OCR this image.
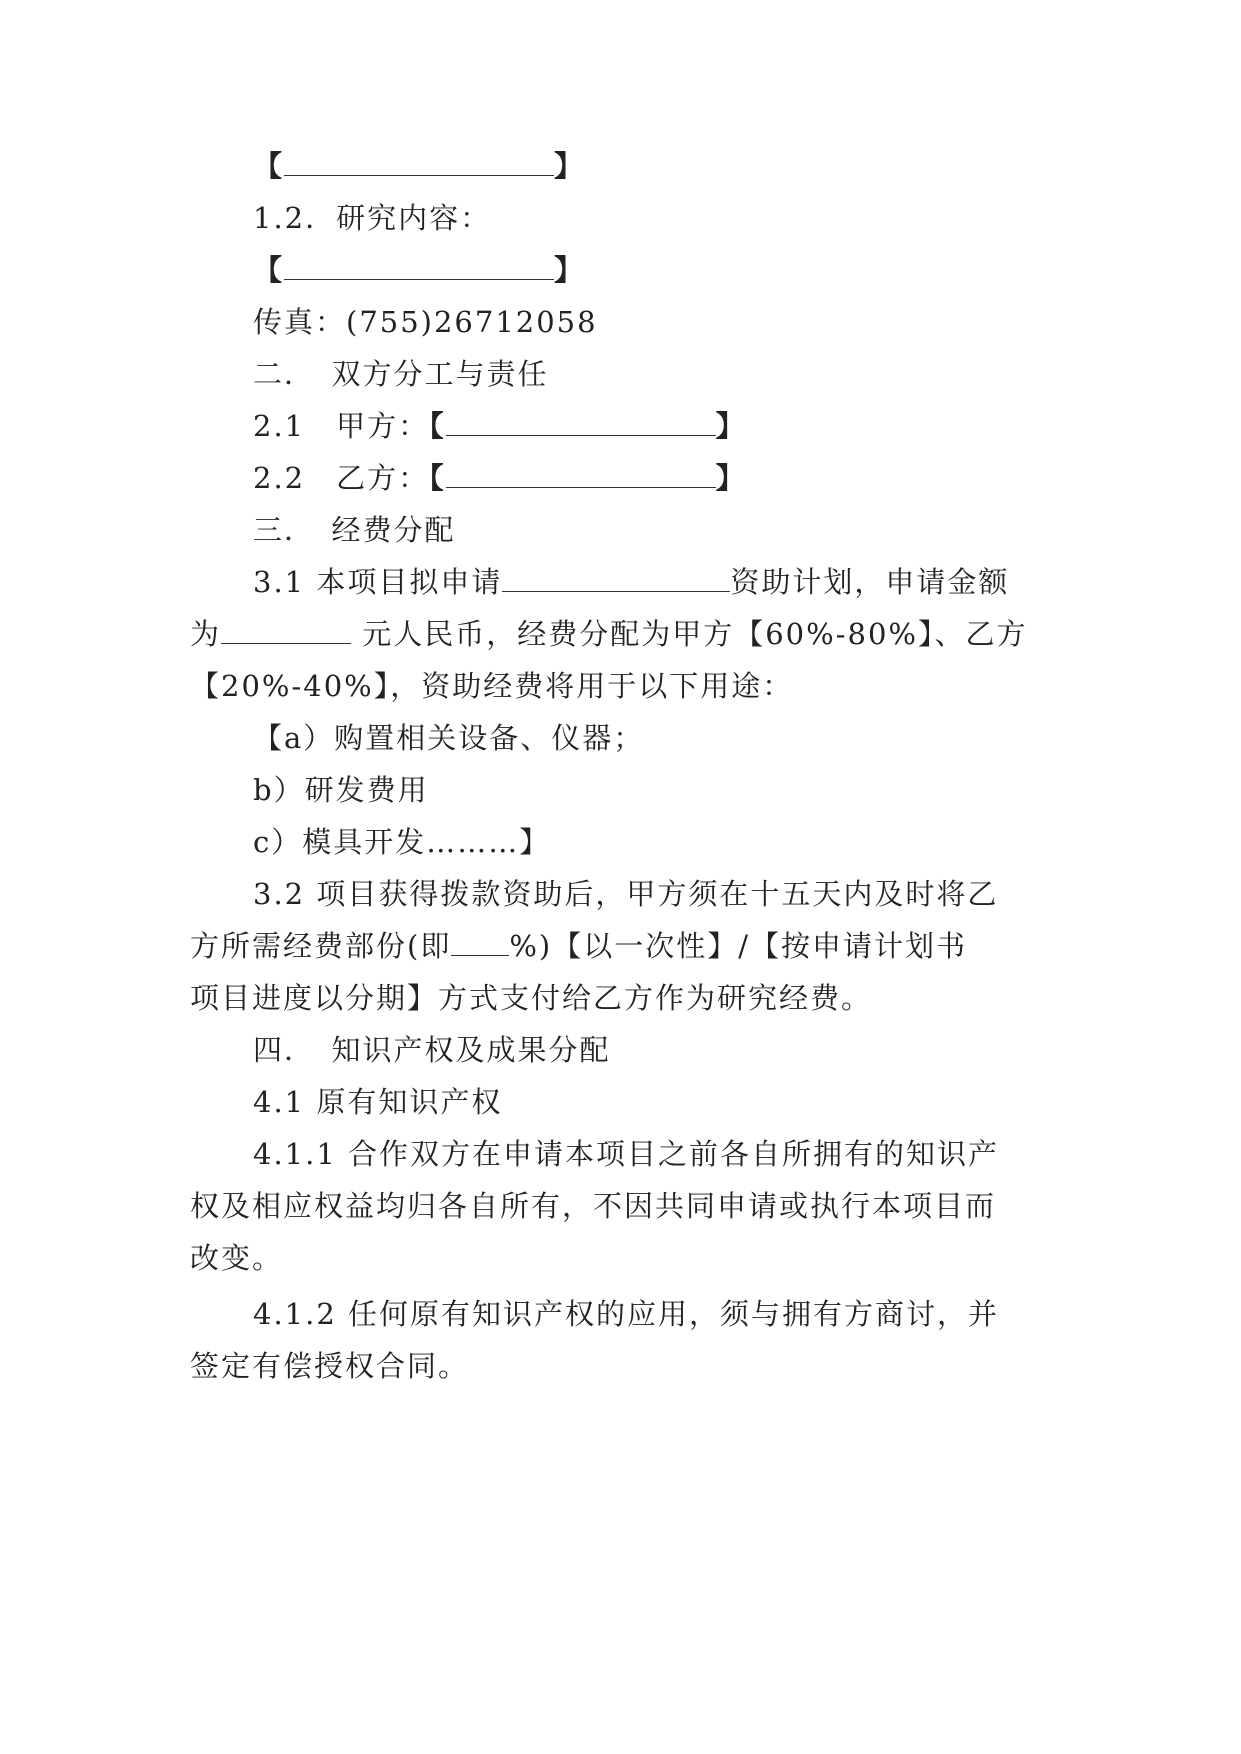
【	】
1.2．研究内容：
【	】
传真：(755)26712058
二．　双方分工与责任
2.1　甲方：【	】
2.2　乙方：【	】
三．　经费分配
3.1 本项目拟申请	资助计划，申请金额
为	元人民币，经费分配为甲方【60%-80%】、乙方
【20%-40%】，资助经费将用于以下用途：
【a）购置相关设备、仪器；
b）研发费用
c）模具开发………】
3.2 项目获得拨款资助后，甲方须在十五天内及时将乙
方所需经费部份(即 %)【以一次性】/【按申请计划书
项目进度以分期】方式支付给乙方作为研究经费。
四．　知识产权及成果分配
4.1 原有知识产权
4.1.1 合作双方在申请本项目之前各自所拥有的知识产
权及相应权益均归各自所有，不因共同申请或执行本项目而
改变。
4.1.2 任何原有知识产权的应用，须与拥有方商讨，并
签定有偿授权合同。
